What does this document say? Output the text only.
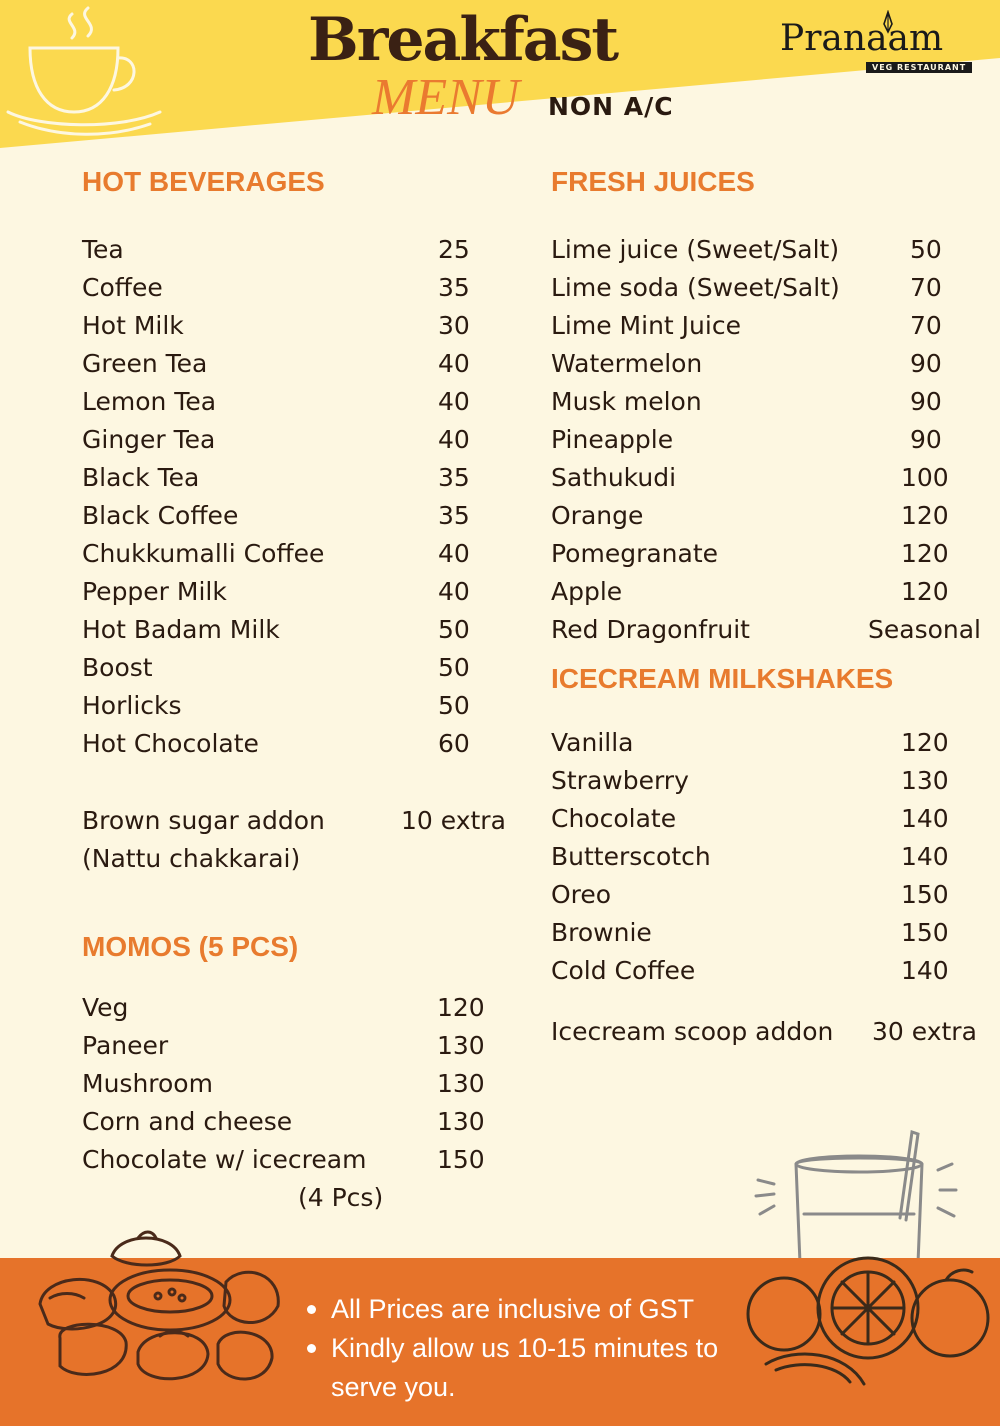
Breakfast
MENU NON A/C
Pranaam
VEG RESTAURANT
HOT BEVERAGES
Tea	25
Coffee	35
Hot Milk	30
Green Tea	40
Lemon Tea	40
Ginger Tea	40
Black Tea	35
Black Coffee	35
Chukkumalli Coffee	40
Pepper Milk	40
Hot Badam Milk	50
Boost	50
Horlicks	50
Hot Chocolate	60
Brown sugar addon	10 extra
(Nattu chakkarai)
MOMOS (5 PCS)
Veg	120
Paneer	130
Mushroom	130
Corn and cheese	130
Chocolate w/ icecream	150
(4 Pcs)
FRESH JUICES
Lime juice (Sweet/Salt)	50
Lime soda (Sweet/Salt)	70
Lime Mint Juice	70
Watermelon	90
Musk melon	90
Pineapple	90
Sathukudi	100
Orange	120
Pomegranate	120
Apple	120
Red Dragonfruit	Seasonal
ICECREAM MILKSHAKES
Vanilla	120
Strawberry	130
Chocolate	140
Butterscotch	140
Oreo	150
Brownie	150
Cold Coffee	140
Icecream scoop addon 30 extra
All Prices are inclusive of GST
Kindly allow us 10-15 minutes to
serve you.
